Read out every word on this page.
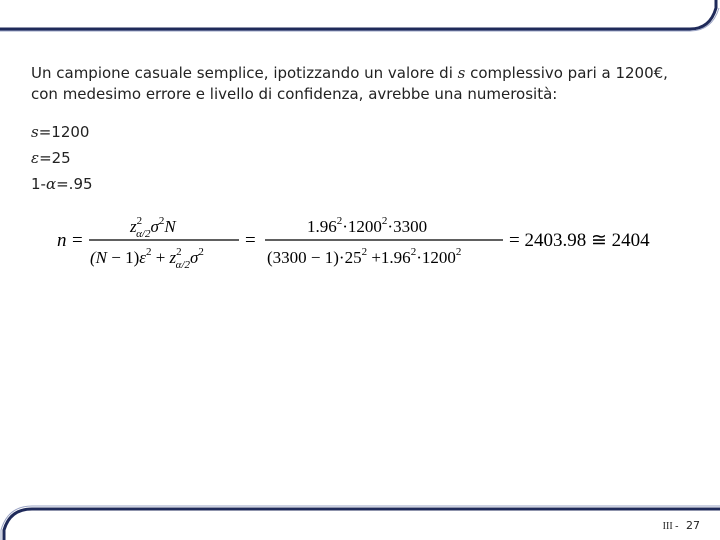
Un campione casuale semplice, ipotizzando un valore di s complessivo pari a 1200€, con medesimo errore e livello di confidenza, avrebbe una numerosità:
s=1200
ε=25
1-α=.95
n =
$z^2$ $\alpha/2\sigma^2N$
$(N - 1)\varepsilon^2 + z^2$ $\alpha/2\sigma^2$
=
$1.96^2\cdot 1200^2\cdot 3300$
$(3300 - 1)\cdot 25^2 +1.96^2\cdot 1200^2$
= 2403.98 ≅ 2404
III - 27
